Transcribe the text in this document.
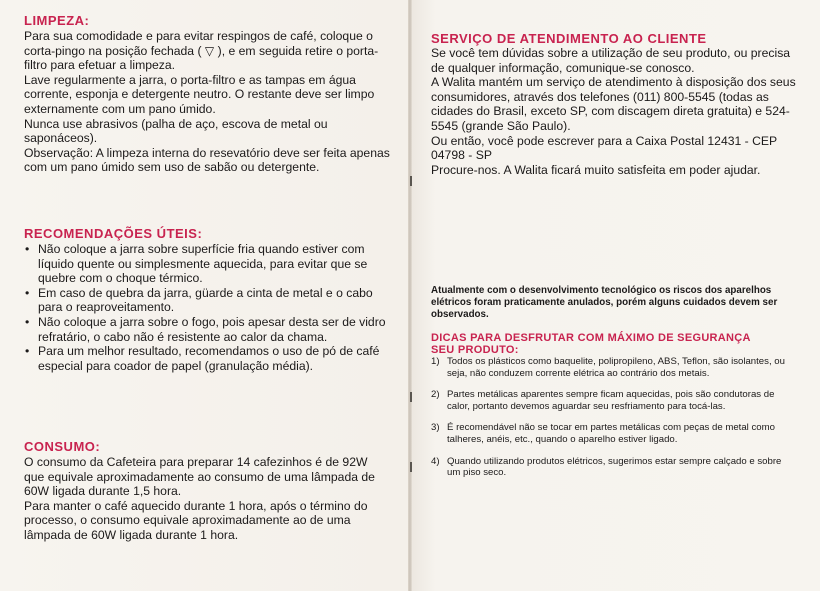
LIMPEZA:

Para sua comodidade e para evitar respingos de café, coloque o corta-pingo na posição fechada ( ▽ ), e em seguida retire o porta-filtro para efetuar a limpeza.

Lave regularmente a jarra, o porta-filtro e as tampas em água corrente, esponja e detergente neutro. O restante deve ser limpo externamente com um pano úmido.

Nunca use abrasivos (palha de aço, escova de metal ou saponáceos).

Observação: A limpeza interna do resevatório deve ser feita apenas com um pano úmido sem uso de sabão ou detergente.

RECOMENDAÇÕES ÚTEIS:
• Não coloque a jarra sobre superfície fria quando estiver com líquido quente ou simplesmente aquecida, para evitar que se quebre com o choque térmico.
• Em caso de quebra da jarra, güarde a cinta de metal e o cabo para o reaproveitamento.
• Não coloque a jarra sobre o fogo, pois apesar desta ser de vidro refratário, o cabo não é resistente ao calor da chama.
• Para um melhor resultado, recomendamos o uso de pó de café especial para coador de papel (granulação média).
CONSUMO:

O consumo da Cafeteira para preparar 14 cafezinhos é de 92W que equivale aproximadamente ao consumo de uma lâmpada de 60W ligada durante 1,5 hora.

Para manter o café aquecido durante 1 hora, após o término do processo, o consumo equivale aproximadamente ao de uma lâmpada de 60W ligada durante 1 hora.

SERVIÇO DE ATENDIMENTO AO CLIENTE

Se você tem dúvidas sobre a utilização de seu produto, ou precisa de qualquer informação, comunique-se conosco.

A Walita mantém um serviço de atendimento à disposição dos seus consumidores, através dos telefones (011) 800-5545 (todas as cidades do Brasil, exceto SP, com discagem direta gratuita) e 524-5545 (grande São Paulo).

Ou então, você pode escrever para a Caixa Postal 12431 - CEP 04798 - SP

Procure-nos. A Walita ficará muito satisfeita em poder ajudar.

Atualmente com o desenvolvimento tecnológico os riscos dos aparelhos elétricos foram praticamente anulados, porém alguns cuidados devem ser observados.

DICAS PARA DESFRUTAR COM MÁXIMO DE SEGURANÇA SEU PRODUTO:
1) Todos os plásticos como baquelite, polipropileno, ABS, Teflon, são isolantes, ou seja, não conduzem corrente elétrica ao contrário dos metais.
2) Partes metálicas aparentes sempre ficam aquecidas, pois são condutoras de calor, portanto devemos aguardar seu resfriamento para tocá-las.
3) É recomendável não se tocar em partes metálicas com peças de metal como talheres, anéis, etc., quando o aparelho estiver ligado.
4) Quando utilizando produtos elétricos, sugerimos estar sempre calçado e sobre um piso seco.
